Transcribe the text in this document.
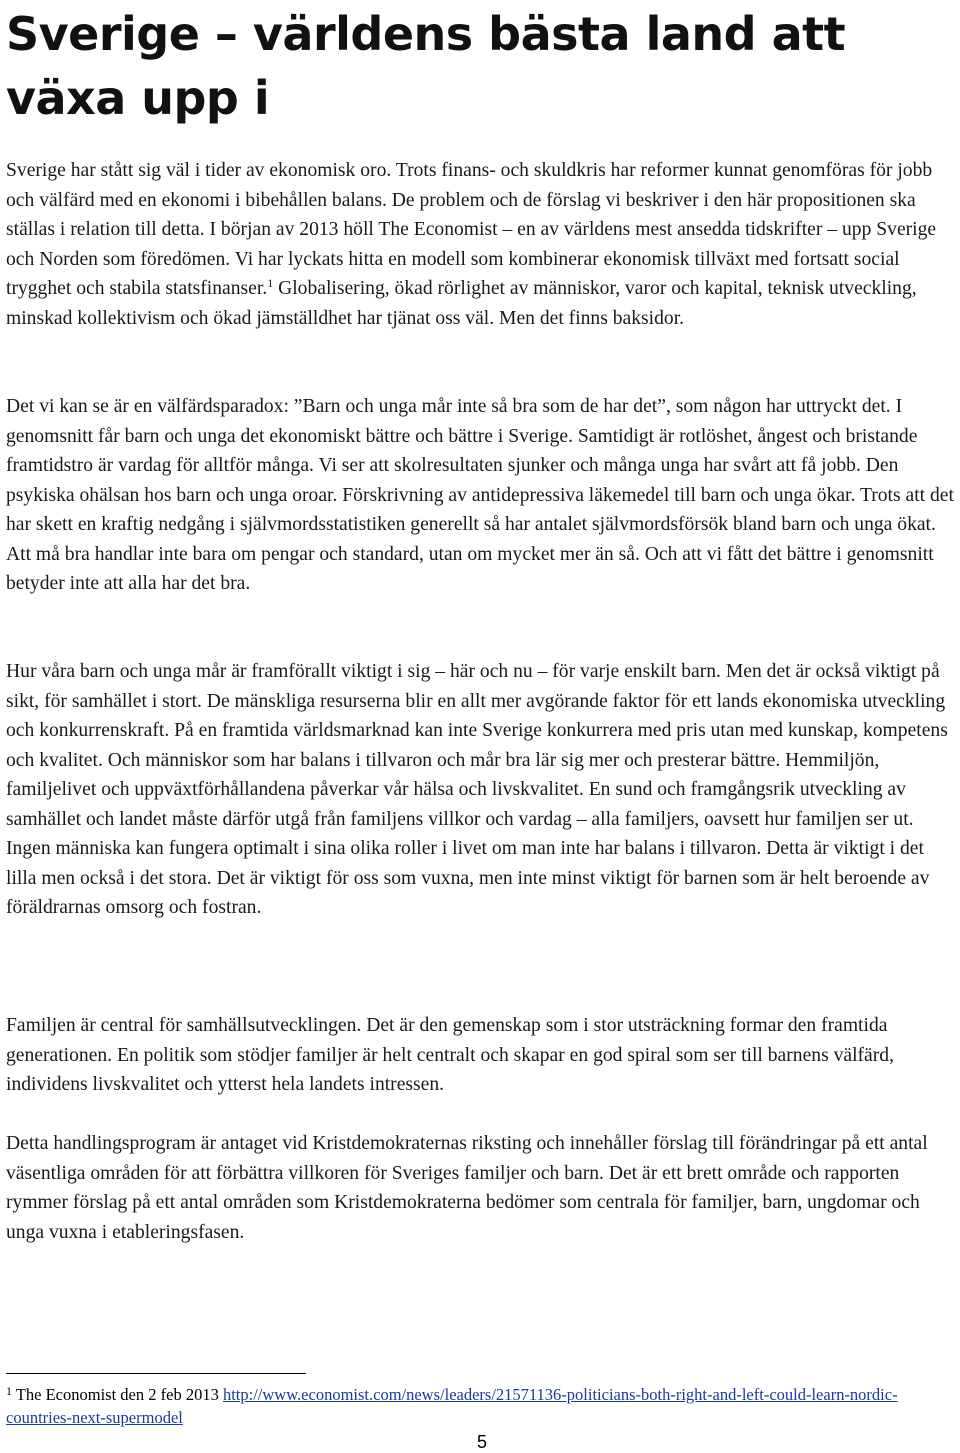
Sverige – världens bästa land att växa upp i

Sverige har stått sig väl i tider av ekonomisk oro. Trots finans- och skuldkris har reformer kunnat genomföras för jobb och välfärd med en ekonomi i bibehållen balans. De problem och de förslag vi beskriver i den här propositionen ska ställas i relation till detta. I början av 2013 höll The Economist – en av världens mest ansedda tidskrifter – upp Sverige och Norden som föredömen. Vi har lyckats hitta en modell som kombinerar ekonomisk tillväxt med fortsatt social trygghet och stabila statsfinanser.$^1$ Globalisering, ökad rörlighet av människor, varor och kapital, teknisk utveckling, minskad kollektivism och ökad jämställdhet har tjänat oss väl. Men det finns baksidor.

Det vi kan se är en välfärdsparadox: ”Barn och unga mår inte så bra som de har det”, som någon har uttryckt det. I genomsnitt får barn och unga det ekonomiskt bättre och bättre i Sverige. Samtidigt är rotlöshet, ångest och bristande framtidstro är vardag för alltför många. Vi ser att skolresultaten sjunker och många unga har svårt att få jobb. Den psykiska ohälsan hos barn och unga oroar. Förskrivning av antidepressiva läkemedel till barn och unga ökar. Trots att det har skett en kraftig nedgång i självmordsstatistiken generellt så har antalet självmordsförsök bland barn och unga ökat. Att må bra handlar inte bara om pengar och standard, utan om mycket mer än så. Och att vi fått det bättre i genomsnitt betyder inte att alla har det bra.

Hur våra barn och unga mår är framförallt viktigt i sig – här och nu – för varje enskilt barn. Men det är också viktigt på sikt, för samhället i stort. De mänskliga resurserna blir en allt mer avgörande faktor för ett lands ekonomiska utveckling och konkurrenskraft. På en framtida världsmarknad kan inte Sverige konkurrera med pris utan med kunskap, kompetens och kvalitet. Och människor som har balans i tillvaron och mår bra lär sig mer och presterar bättre. Hemmiljön, familjelivet och uppväxtförhållandena påverkar vår hälsa och livskvalitet. En sund och framgångsrik utveckling av samhället och landet måste därför utgå från familjens villkor och vardag – alla familjers, oavsett hur familjen ser ut. Ingen människa kan fungera optimalt i sina olika roller i livet om man inte har balans i tillvaron. Detta är viktigt i det lilla men också i det stora. Det är viktigt för oss som vuxna, men inte minst viktigt för barnen som är helt beroende av föräldrarnas omsorg och fostran.

Familjen är central för samhällsutvecklingen. Det är den gemenskap som i stor utsträckning formar den framtida generationen. En politik som stödjer familjer är helt centralt och skapar en god spiral som ser till barnens välfärd, individens livskvalitet och ytterst hela landets intressen.

Detta handlingsprogram är antaget vid Kristdemokraternas riksting och innehåller förslag till förändringar på ett antal väsentliga områden för att förbättra villkoren för Sveriges familjer och barn. Det är ett brett område och rapporten rymmer förslag på ett antal områden som Kristdemokraterna bedömer som centrala för familjer, barn, ungdomar och unga vuxna i etableringsfasen.

$^1$ The Economist den 2 feb 2013 http://www.economist.com/news/leaders/21571136-politicians-both-right-and-left-could-learn-nordic-countries-next-supermodel

5
